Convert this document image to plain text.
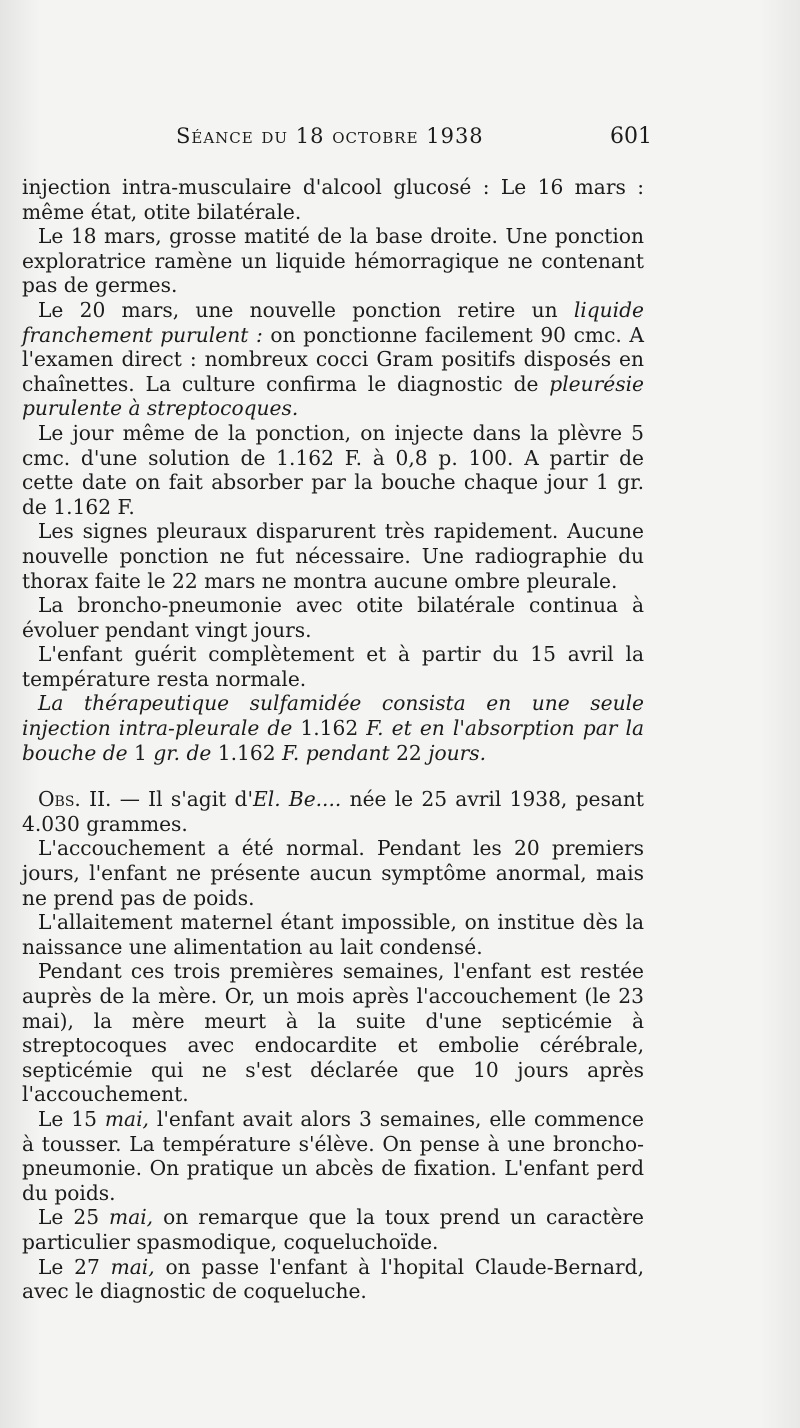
Séance du 18 octobre 1938	601

injection intra-musculaire d'alcool glucosé : Le 16 mars : même état, otite bilatérale.

Le 18 mars, grosse matité de la base droite. Une ponction exploratrice ramène un liquide hémorragique ne contenant pas de germes.

Le 20 mars, une nouvelle ponction retire un liquide franchement purulent : on ponctionne facilement 90 cmc. A l'examen direct : nombreux cocci Gram positifs disposés en chaînettes. La culture confirma le diagnostic de pleurésie purulente à streptocoques.

Le jour même de la ponction, on injecte dans la plèvre 5 cmc. d'une solution de 1.162 F. à 0,8 p. 100. A partir de cette date on fait absorber par la bouche chaque jour 1 gr. de 1.162 F.

Les signes pleuraux disparurent très rapidement. Aucune nouvelle ponction ne fut nécessaire. Une radiographie du thorax faite le 22 mars ne montra aucune ombre pleurale.

La broncho-pneumonie avec otite bilatérale continua à évoluer pendant vingt jours.

L'enfant guérit complètement et à partir du 15 avril la température resta normale.

La thérapeutique sulfamidée consista en une seule injection intra-pleurale de 1.162 F. et en l'absorption par la bouche de 1 gr. de 1.162 F. pendant 22 jours.

Obs. II. — Il s'agit d'El. Be.... née le 25 avril 1938, pesant 4.030 grammes.

L'accouchement a été normal. Pendant les 20 premiers jours, l'enfant ne présente aucun symptôme anormal, mais ne prend pas de poids.

L'allaitement maternel étant impossible, on institue dès la naissance une alimentation au lait condensé.

Pendant ces trois premières semaines, l'enfant est restée auprès de la mère. Or, un mois après l'accouchement (le 23 mai), la mère meurt à la suite d'une septicémie à streptocoques avec endocardite et embolie cérébrale, septicémie qui ne s'est déclarée que 10 jours après l'accouchement.

Le 15 mai, l'enfant avait alors 3 semaines, elle commence à tousser. La température s'élève. On pense à une broncho-pneumonie. On pratique un abcès de fixation. L'enfant perd du poids.

Le 25 mai, on remarque que la toux prend un caractère particulier spasmodique, coqueluchoïde.

Le 27 mai, on passe l'enfant à l'hopital Claude-Bernard, avec le diagnostic de coqueluche.
